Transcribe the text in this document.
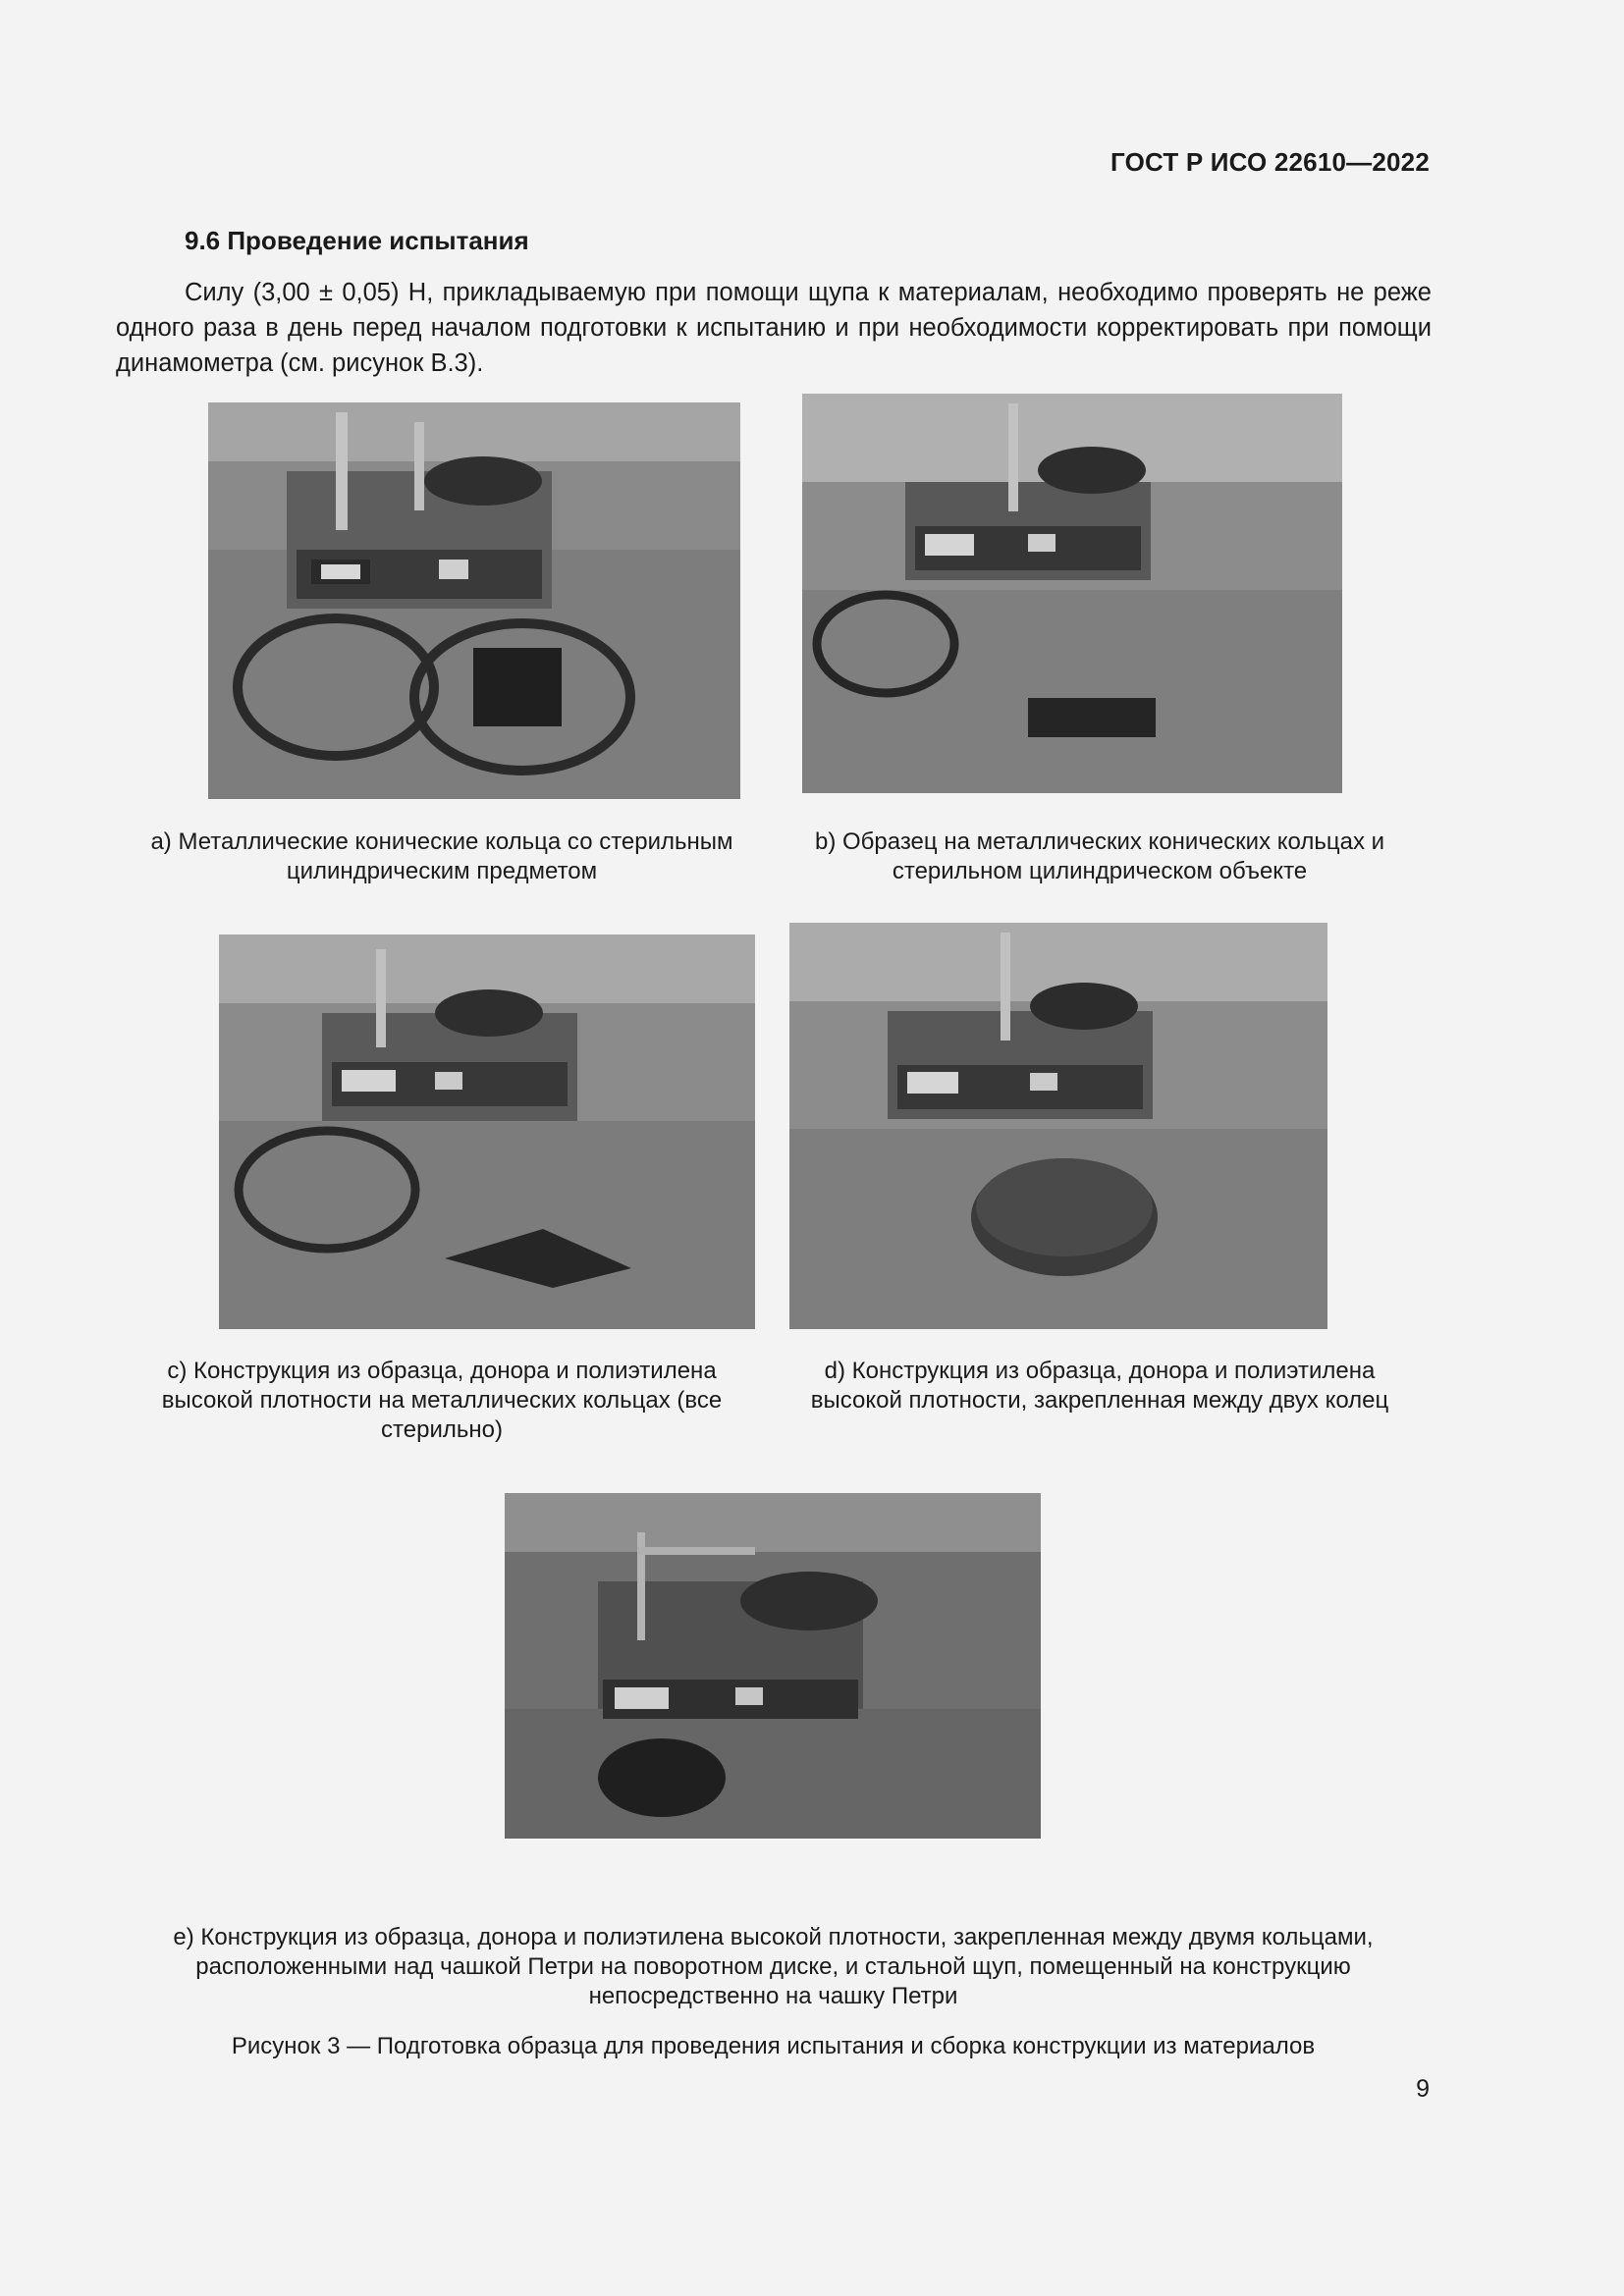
ГОСТ Р ИСО 22610—2022
9.6 Проведение испытания
Силу (3,00 ± 0,05) Н, прикладываемую при помощи щупа к материалам, необходимо проверять не реже одного раза в день перед началом подготовки к испытанию и при необходимости корректировать при помощи динамометра (см. рисунок В.3).
a) Металлические конические кольца со стерильным цилиндрическим предметом
b) Образец на металлических конических кольцах и стерильном цилиндрическом объекте
c) Конструкция из образца, донора и полиэтилена высокой плотности на металлических кольцах (все стерильно)
d) Конструкция из образца, донора и полиэтилена высокой плотности, закрепленная между двух колец
e) Конструкция из образца, донора и полиэтилена высокой плотности, закрепленная между двумя кольцами, расположенными над чашкой Петри на поворотном диске, и стальной щуп, помещенный на конструкцию непосредственно на чашку Петри
Рисунок 3 — Подготовка образца для проведения испытания и сборка конструкции из материалов
9
